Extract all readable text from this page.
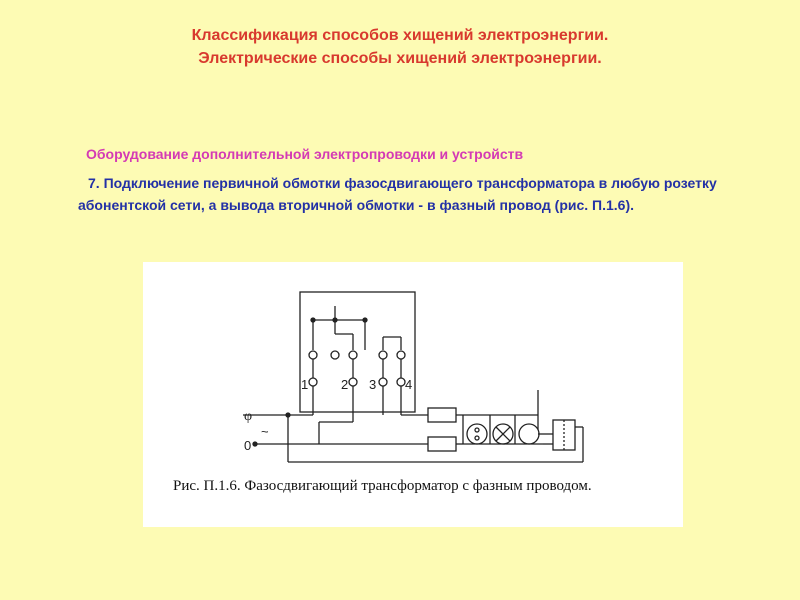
Классификация способов хищений электроэнергии.
Электрические способы хищений электроэнергии.
Оборудование дополнительной электропроводки и устройств
7. Подключение первичной обмотки фазосдвигающего трансформатора в любую розетку абонентской сети, а вывода вторичной обмотки - в фазный провод (рис. П.1.6).
1	2 3 4
φ
~
0
Рис. П.1.6. Фазосдвигающий трансформатор с фазным проводом.
